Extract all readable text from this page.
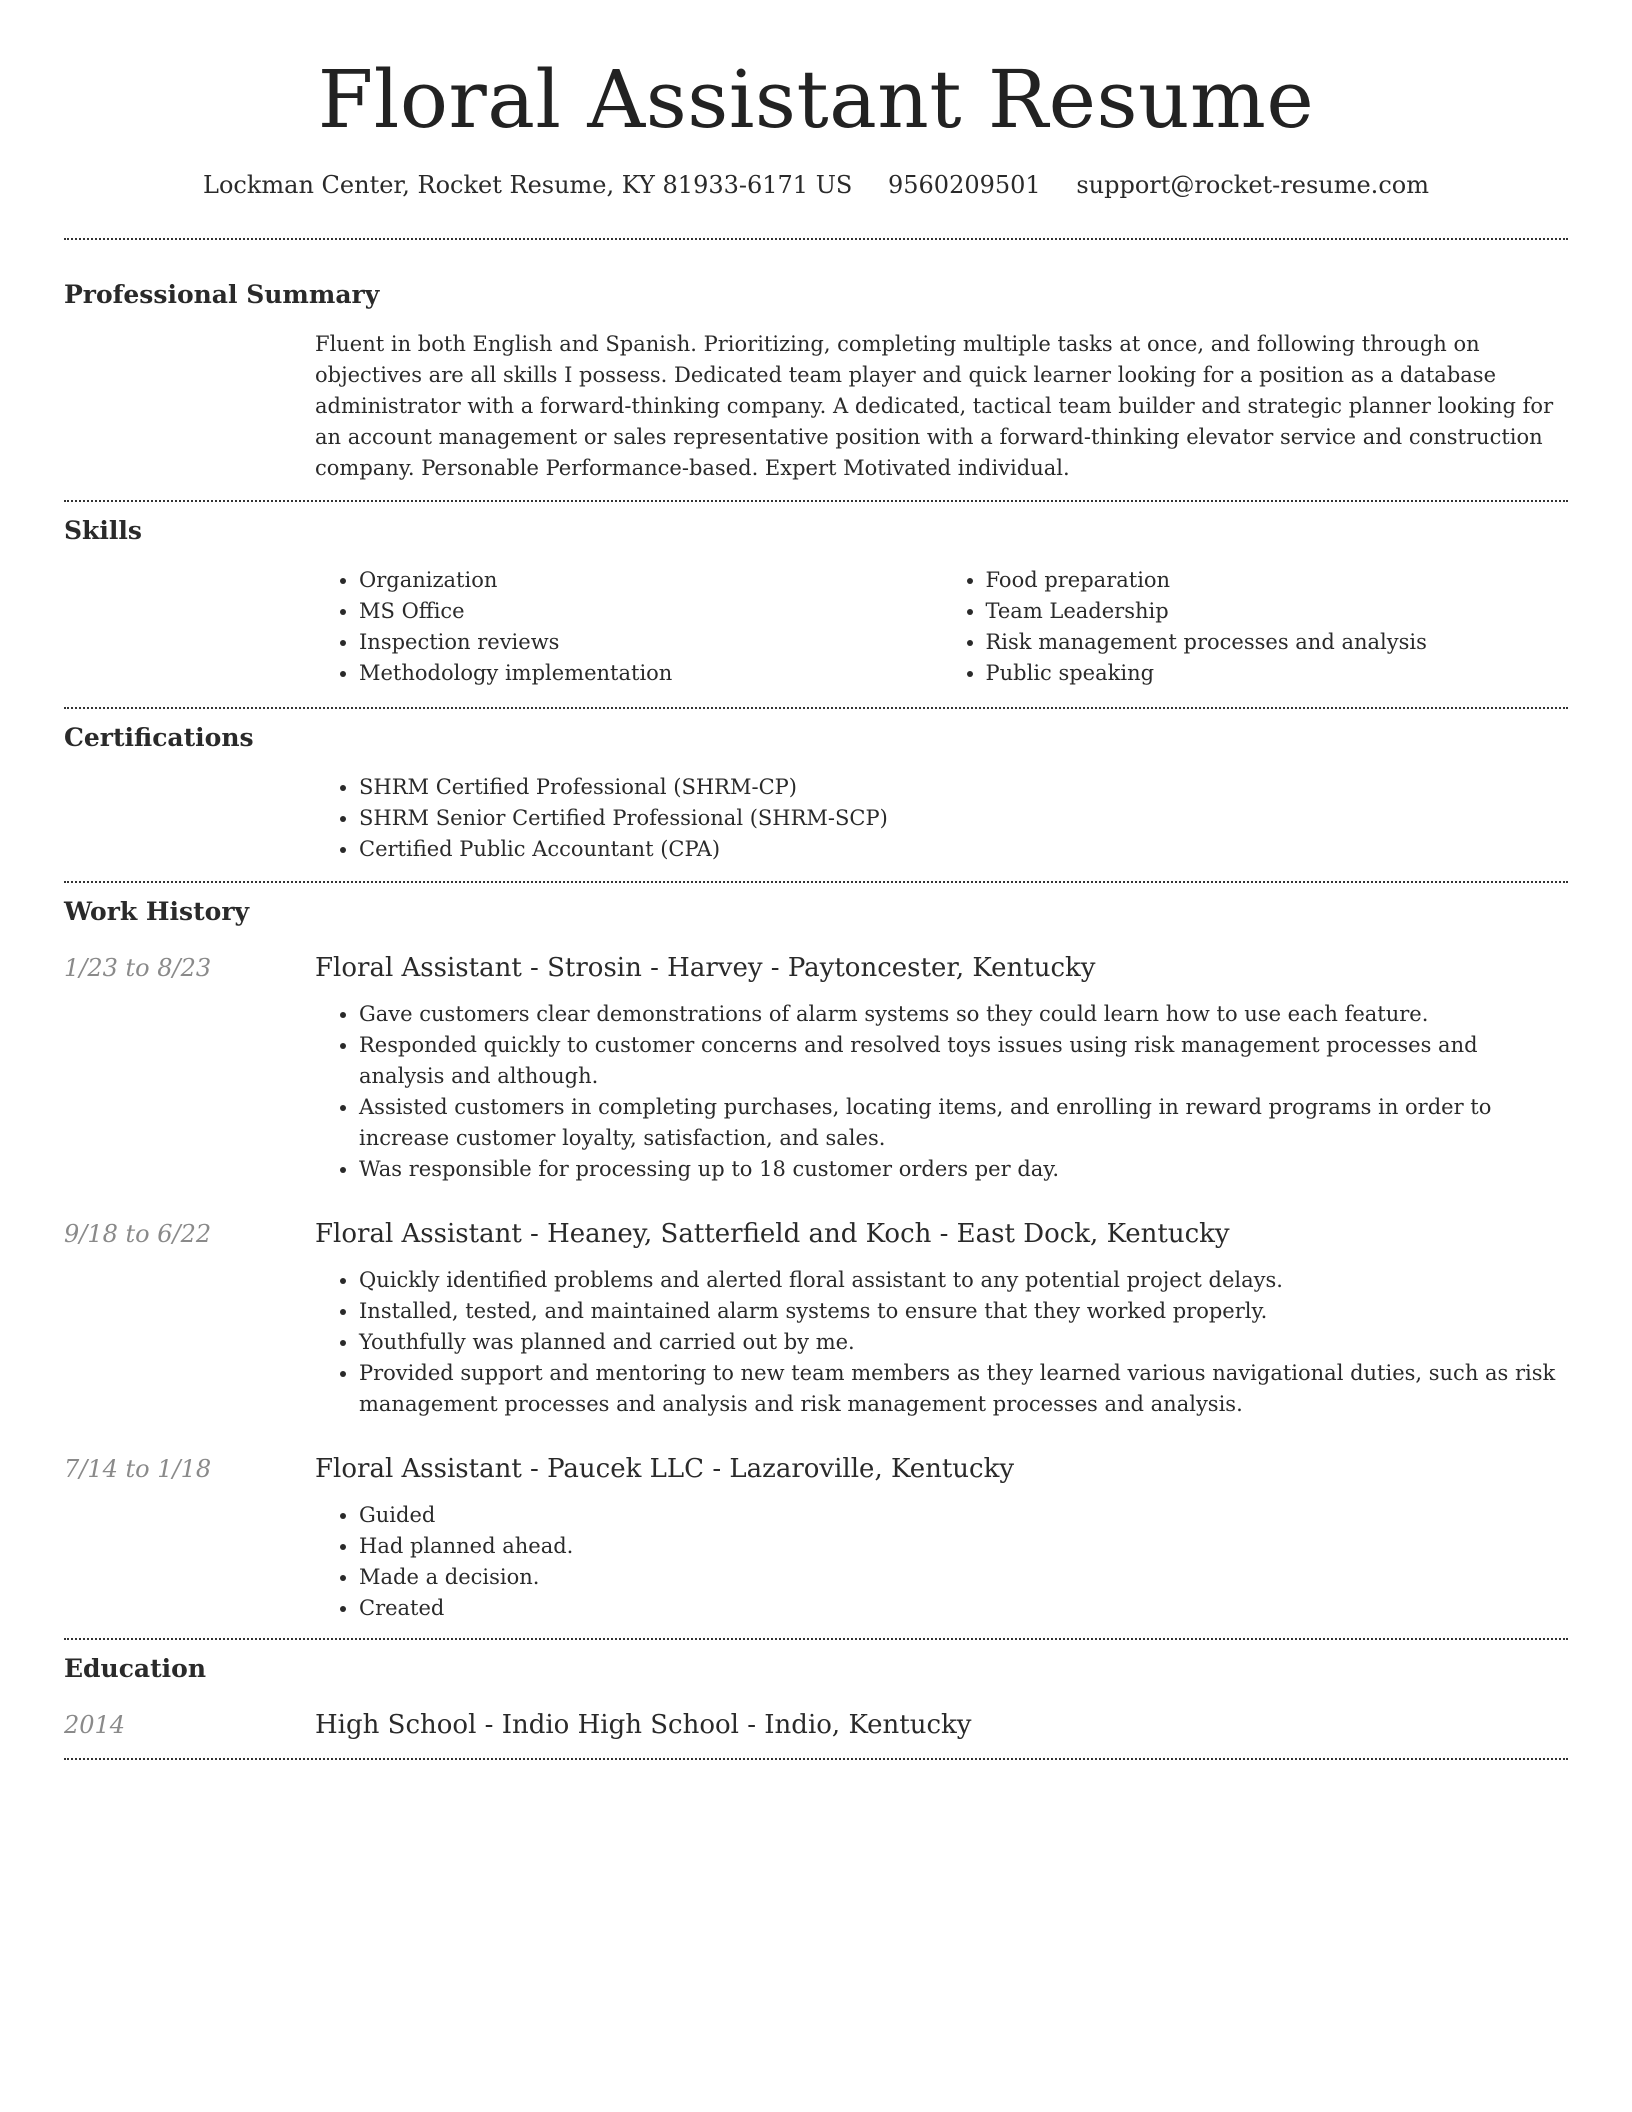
Floral Assistant Resume
Lockman Center, Rocket Resume, KY 81933-6171 US 9560209501 support@rocket-resume.com
Professional Summary

Fluent in both English and Spanish. Prioritizing, completing multiple tasks at once, and following through on objectives are all skills I possess. Dedicated team player and quick learner looking for a position as a database administrator with a forward-thinking company. A dedicated, tactical team builder and strategic planner looking for an account management or sales representative position with a forward-thinking elevator service and construction company. Personable Performance-based. Expert Motivated individual.

Skills
• Organization
• MS Office
• Inspection reviews
• Methodology implementation
• Food preparation
• Team Leadership
• Risk management processes and analysis
• Public speaking
Certifications
• SHRM Certified Professional (SHRM-CP)
• SHRM Senior Certified Professional (SHRM-SCP)
• Certified Public Accountant (CPA)
Work History
1/23 to 8/23	Floral Assistant - Strosin - Harvey - Paytoncester, Kentucky
• Gave customers clear demonstrations of alarm systems so they could learn how to use each feature.
• Responded quickly to customer concerns and resolved toys issues using risk management processes and analysis and although.
• Assisted customers in completing purchases, locating items, and enrolling in reward programs in order to increase customer loyalty, satisfaction, and sales.
• Was responsible for processing up to 18 customer orders per day.
9/18 to 6/22	Floral Assistant - Heaney, Satterfield and Koch - East Dock, Kentucky
• Quickly identified problems and alerted floral assistant to any potential project delays.
• Installed, tested, and maintained alarm systems to ensure that they worked properly.
• Youthfully was planned and carried out by me.
• Provided support and mentoring to new team members as they learned various navigational duties, such as risk management processes and analysis and risk management processes and analysis.
7/14 to 1/18	Floral Assistant - Paucek LLC - Lazaroville, Kentucky
• Guided
• Had planned ahead.
• Made a decision.
• Created
Education
2014	High School - Indio High School - Indio, Kentucky
